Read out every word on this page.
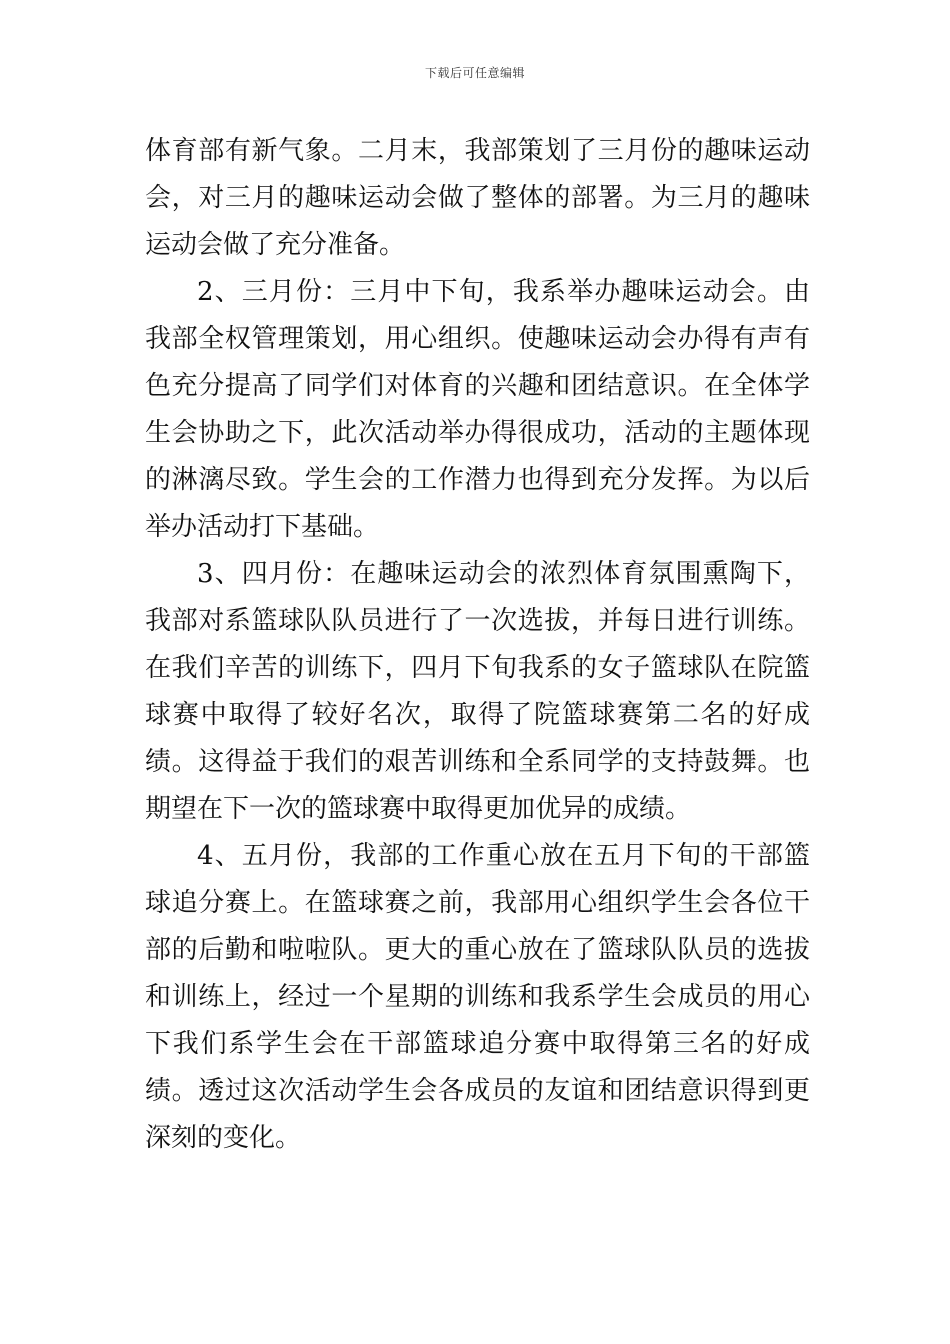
下载后可任意编辑

体育部有新气象。二月末，我部策划了三月份的趣味运动会，对三月的趣味运动会做了整体的部署。为三月的趣味运动会做了充分准备。

2、三月份：三月中下旬，我系举办趣味运动会。由我部全权管理策划，用心组织。使趣味运动会办得有声有色充分提高了同学们对体育的兴趣和团结意识。在全体学生会协助之下，此次活动举办得很成功，活动的主题体现的淋漓尽致。学生会的工作潜力也得到充分发挥。为以后举办活动打下基础。

3、四月份：在趣味运动会的浓烈体育氛围熏陶下，我部对系篮球队队员进行了一次选拔，并每日进行训练。在我们辛苦的训练下，四月下旬我系的女子篮球队在院篮球赛中取得了较好名次，取得了院篮球赛第二名的好成绩。这得益于我们的艰苦训练和全系同学的支持鼓舞。也期望在下一次的篮球赛中取得更加优异的成绩。

4、五月份，我部的工作重心放在五月下旬的干部篮球追分赛上。在篮球赛之前，我部用心组织学生会各位干部的后勤和啦啦队。更大的重心放在了篮球队队员的选拔和训练上，经过一个星期的训练和我系学生会成员的用心下我们系学生会在干部篮球追分赛中取得第三名的好成绩。透过这次活动学生会各成员的友谊和团结意识得到更深刻的变化。
